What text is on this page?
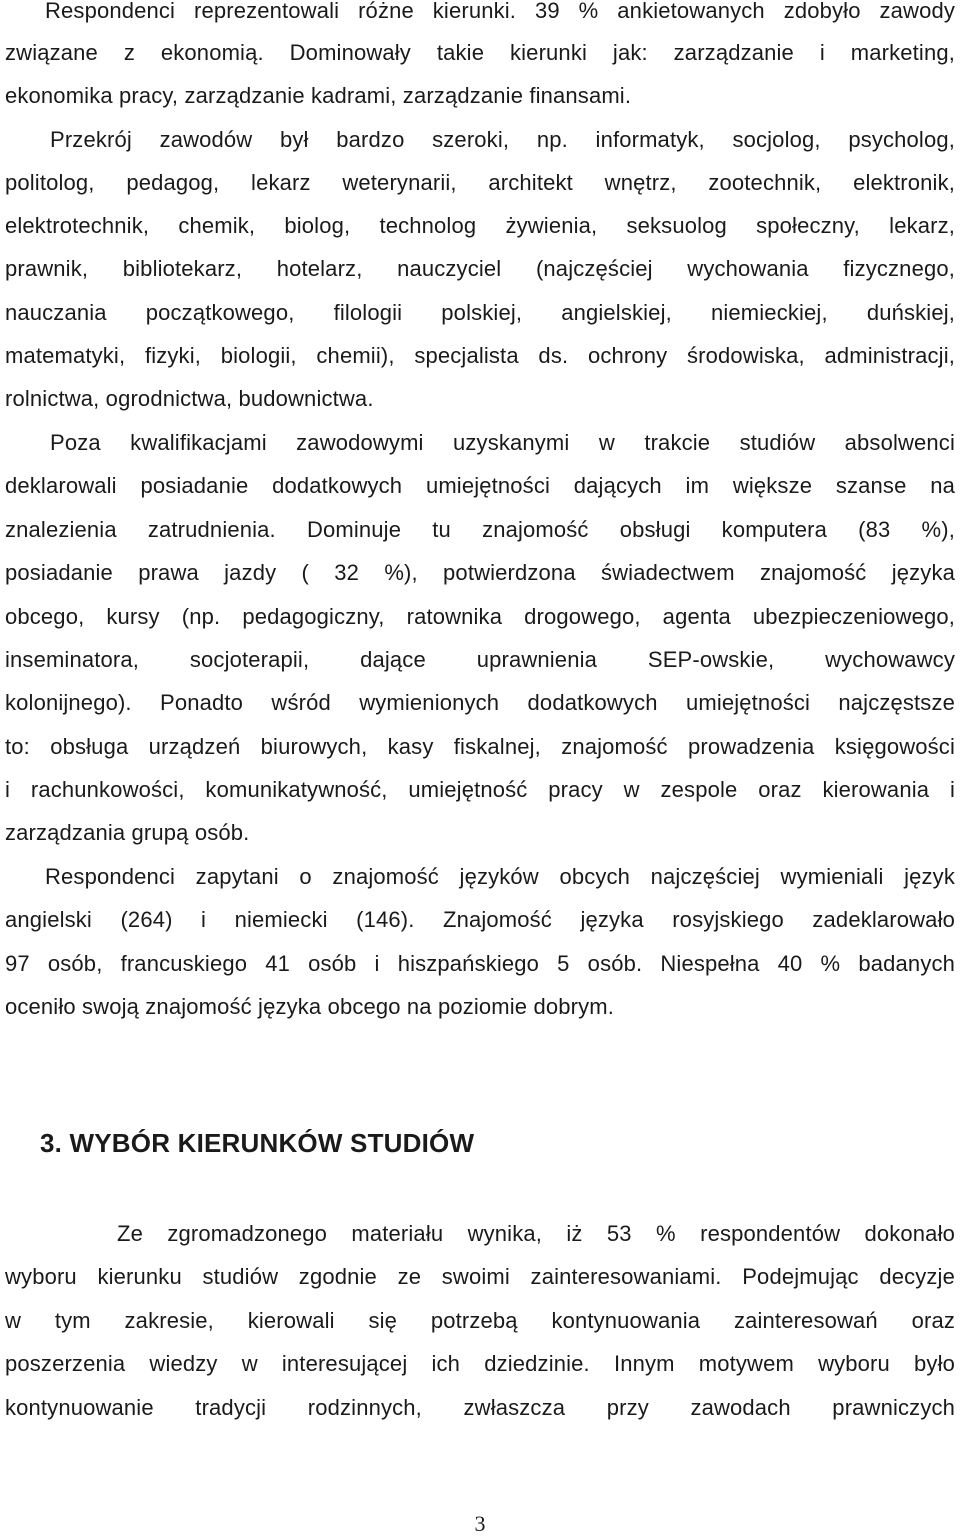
Respondenci reprezentowali różne kierunki. 39 % ankietowanych zdobyło zawody
związane z ekonomią. Dominowały takie kierunki jak: zarządzanie i marketing,
ekonomika pracy, zarządzanie kadrami, zarządzanie finansami.
Przekrój zawodów był bardzo szeroki, np. informatyk, socjolog, psycholog,
politolog, pedagog, lekarz weterynarii, architekt wnętrz, zootechnik, elektronik,
elektrotechnik, chemik, biolog, technolog żywienia, seksuolog społeczny, lekarz,
prawnik, bibliotekarz, hotelarz, nauczyciel (najczęściej wychowania fizycznego,
nauczania początkowego, filologii polskiej, angielskiej, niemieckiej, duńskiej,
matematyki, fizyki, biologii, chemii), specjalista ds. ochrony środowiska, administracji,
rolnictwa, ogrodnictwa, budownictwa.
Poza kwalifikacjami zawodowymi uzyskanymi w trakcie studiów absolwenci
deklarowali posiadanie dodatkowych umiejętności dających im większe szanse na
znalezienia zatrudnienia. Dominuje tu znajomość obsługi komputera (83 %),
posiadanie prawa jazdy ( 32 %), potwierdzona świadectwem znajomość języka
obcego, kursy (np. pedagogiczny, ratownika drogowego, agenta ubezpieczeniowego,
inseminatora, socjoterapii, dające uprawnienia SEP-owskie, wychowawcy
kolonijnego). Ponadto wśród wymienionych dodatkowych umiejętności najczęstsze
to: obsługa urządzeń biurowych, kasy fiskalnej, znajomość prowadzenia księgowości
i rachunkowości, komunikatywność, umiejętność pracy w zespole oraz kierowania i
zarządzania grupą osób.
Respondenci zapytani o znajomość języków obcych najczęściej wymieniali język
angielski (264) i niemiecki (146). Znajomość języka rosyjskiego zadeklarowało
97 osób, francuskiego 41 osób i hiszpańskiego 5 osób. Niespełna 40 % badanych
oceniło swoją znajomość języka obcego na poziomie dobrym.
Ze zgromadzonego materiału wynika, iż 53 % respondentów dokonało
wyboru kierunku studiów zgodnie ze swoimi zainteresowaniami. Podejmując decyzje
w tym zakresie, kierowali się potrzebą kontynuowania zainteresowań oraz
poszerzenia wiedzy w interesującej ich dziedzinie. Innym motywem wyboru było
kontynuowanie tradycji rodzinnych, zwłaszcza przy zawodach prawniczych
3. WYBÓR KIERUNKÓW STUDIÓW
3
